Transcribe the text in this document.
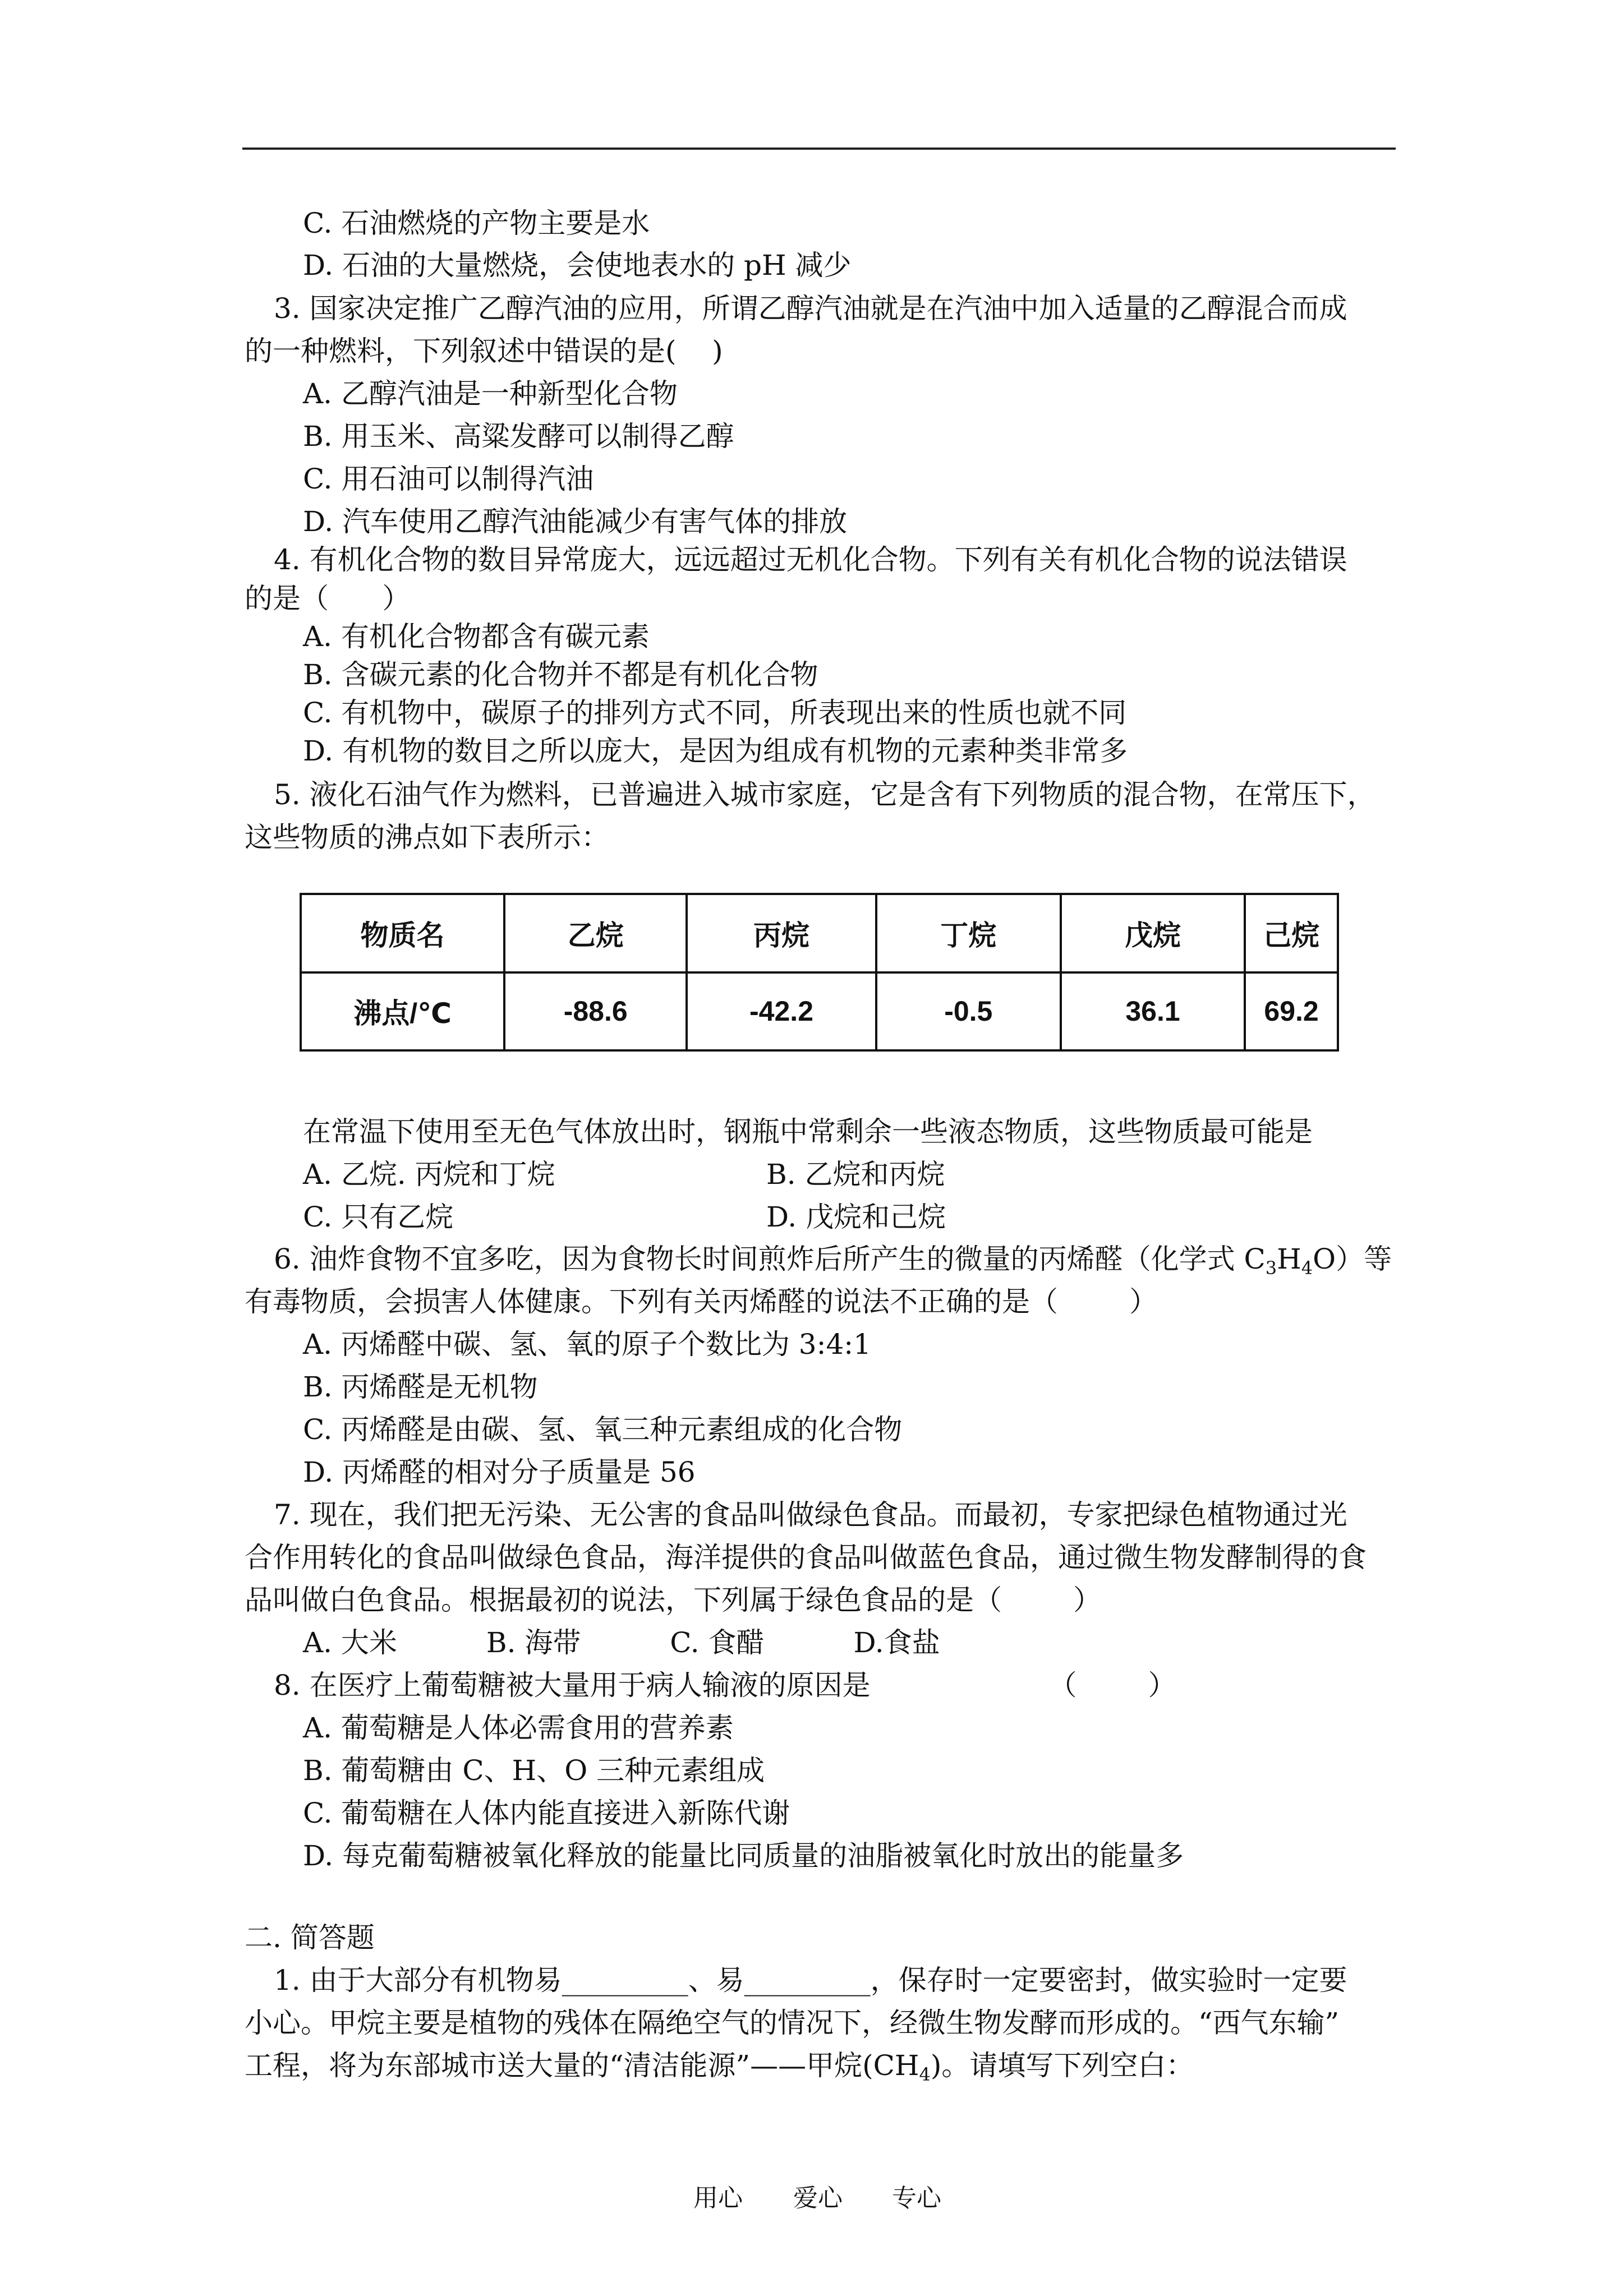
C. 石油燃烧的产物主要是水
D. 石油的大量燃烧，会使地表水的 pH 减少
3. 国家决定推广乙醇汽油的应用，所谓乙醇汽油就是在汽油中加入适量的乙醇混合而成
的一种燃料，下列叙述中错误的是(    )
A. 乙醇汽油是一种新型化合物
B. 用玉米、高粱发酵可以制得乙醇
C. 用石油可以制得汽油
D. 汽车使用乙醇汽油能减少有害气体的排放
4. 有机化合物的数目异常庞大，远远超过无机化合物。下列有关有机化合物的说法错误
的是（      ）
A. 有机化合物都含有碳元素
B. 含碳元素的化合物并不都是有机化合物
C. 有机物中，碳原子的排列方式不同，所表现出来的性质也就不同
D. 有机物的数目之所以庞大，是因为组成有机物的元素种类非常多
5. 液化石油气作为燃料，已普遍进入城市家庭，它是含有下列物质的混合物，在常压下，
这些物质的沸点如下表所示：
物质名	乙烷	丙烷	丁烷	戊烷	己烷
沸点/℃	-88.6	-42.2	-0.5	36.1	69.2
在常温下使用至无色气体放出时，钢瓶中常剩余一些液态物质，这些物质最可能是
A. 乙烷. 丙烷和丁烷	B. 乙烷和丙烷
C. 只有乙烷	D. 戊烷和己烷
6. 油炸食物不宜多吃，因为食物长时间煎炸后所产生的微量的丙烯醛（化学式 $C_3H_4O$）等
有毒物质，会损害人体健康。下列有关丙烯醛的说法不正确的是（        ）
A. 丙烯醛中碳、氢、氧的原子个数比为 3:4:1
B. 丙烯醛是无机物
C. 丙烯醛是由碳、氢、氧三种元素组成的化合物
D. 丙烯醛的相对分子质量是 56
7. 现在，我们把无污染、无公害的食品叫做绿色食品。而最初，专家把绿色植物通过光
合作用转化的食品叫做绿色食品，海洋提供的食品叫做蓝色食品，通过微生物发酵制得的食
品叫做白色食品。根据最初的说法，下列属于绿色食品的是（        ）
A. 大米          B. 海带          C. 食醋          D.食盐
8. 在医疗上葡萄糖被大量用于病人输液的原因是                    （        ）
A. 葡萄糖是人体必需食用的营养素
B. 葡萄糖由 C、H、O 三种元素组成
C. 葡萄糖在人体内能直接进入新陈代谢
D. 每克葡萄糖被氧化释放的能量比同质量的油脂被氧化时放出的能量多
二. 简答题
1. 由于大部分有机物易_________、易_________，保存时一定要密封，做实验时一定要
小心。甲烷主要是植物的残体在隔绝空气的情况下，经微生物发酵而形成的。“西气东输”
工程，将为东部城市送大量的“清洁能源”——甲烷$(CH_4)$。请填写下列空白：
用心 爱心 专心
